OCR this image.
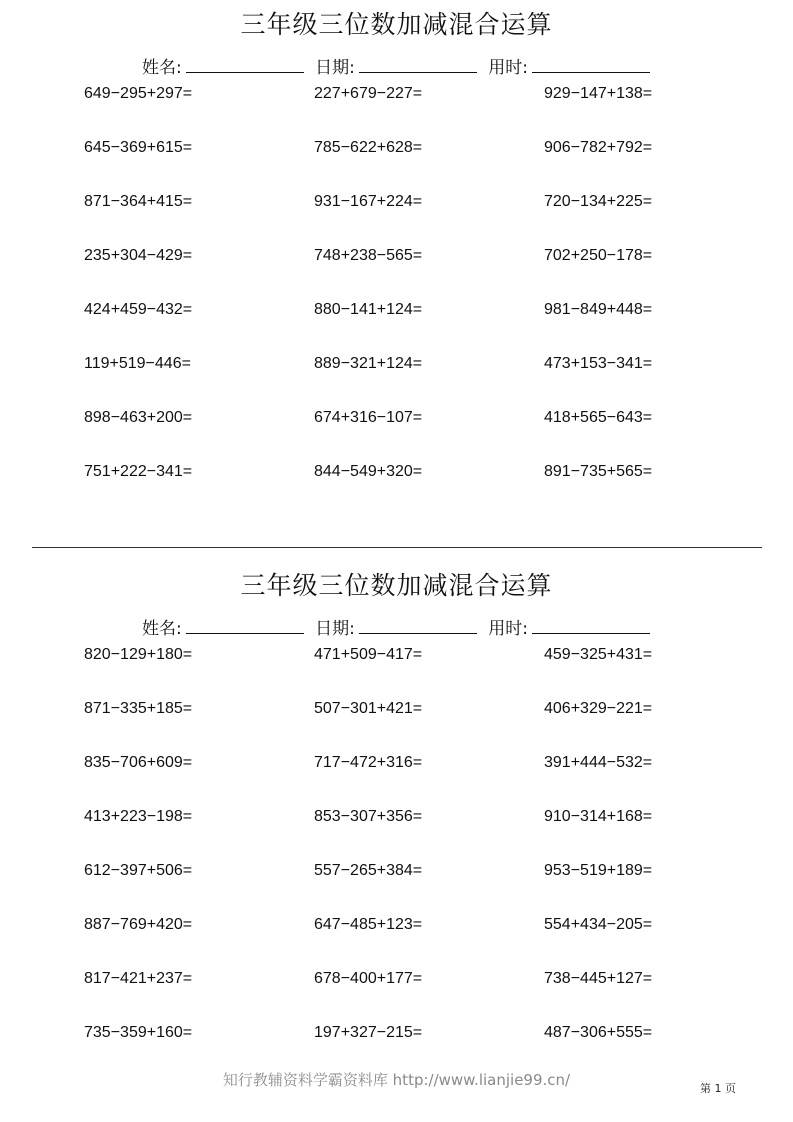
三年级三位数加减混合运算
姓名:	日期:	用时:
649−295+297=	227+679−227=	929−147+138=
645−369+615=	785−622+628=	906−782+792=
871−364+415=	931−167+224=	720−134+225=
235+304−429=	748+238−565=	702+250−178=
424+459−432=	880−141+124=	981−849+448=
119+519−446=	889−321+124=	473+153−341=
898−463+200=	674+316−107=	418+565−643=
751+222−341=	844−549+320=	891−735+565=
三年级三位数加减混合运算
姓名:	日期:	用时:
820−129+180=	471+509−417=	459−325+431=
871−335+185=	507−301+421=	406+329−221=
835−706+609=	717−472+316=	391+444−532=
413+223−198=	853−307+356=	910−314+168=
612−397+506=	557−265+384=	953−519+189=
887−769+420=	647−485+123=	554+434−205=
817−421+237=	678−400+177=	738−445+127=
735−359+160=	197+327−215=	487−306+555=
知行教辅资料学霸资料库 http://www.lianjie99.cn/	第 1 页
